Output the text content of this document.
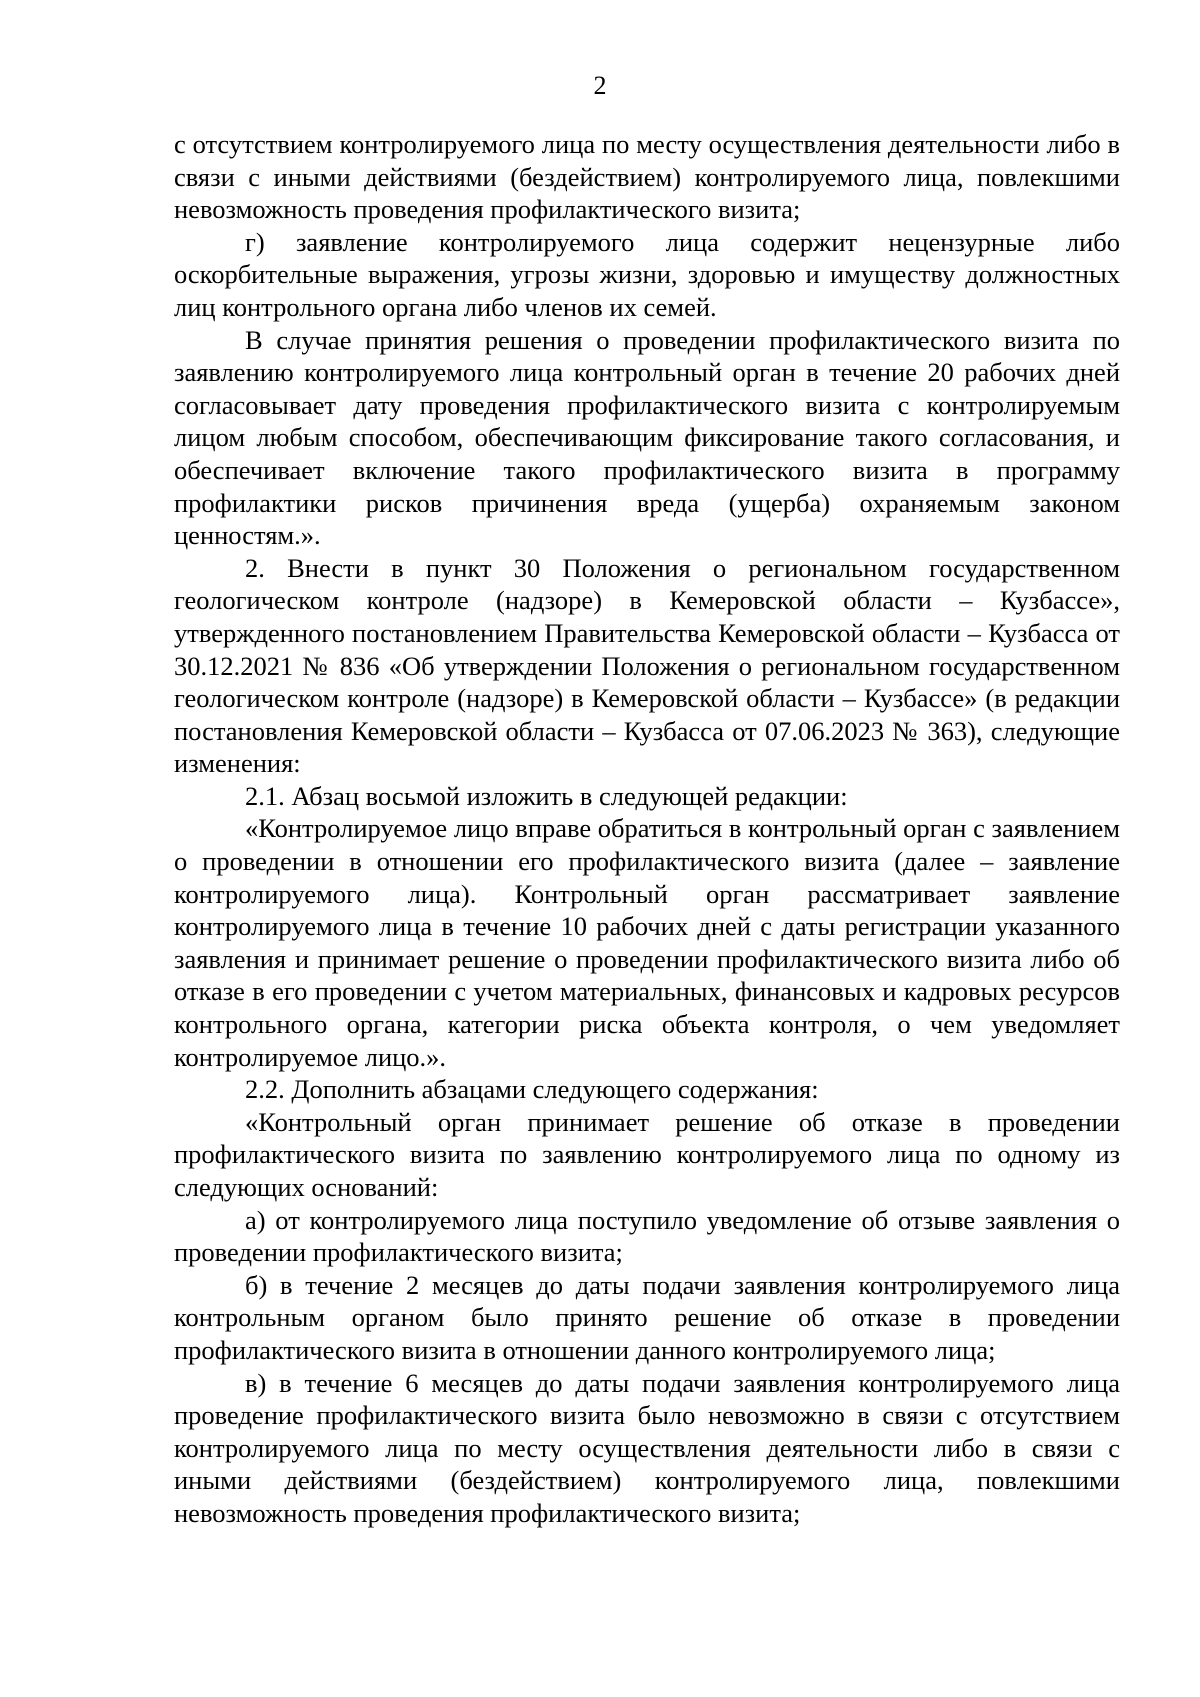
2

с отсутствием контролируемого лица по месту осуществления деятельности либо в связи с иными действиями (бездействием) контролируемого лица, повлекшими невозможность проведения профилактического визита;

г) заявление контролируемого лица содержит нецензурные либо оскорбительные выражения, угрозы жизни, здоровью и имуществу должностных лиц контрольного органа либо членов их семей.

В случае принятия решения о проведении профилактического визита по заявлению контролируемого лица контрольный орган в течение 20 рабочих дней согласовывает дату проведения профилактического визита с контролируемым лицом любым способом, обеспечивающим фиксирование такого согласования, и обеспечивает включение такого профилактического визита в программу профилактики рисков причинения вреда (ущерба) охраняемым законом ценностям.».

2. Внести в пункт 30 Положения о региональном государственном геологическом контроле (надзоре) в Кемеровской области – Кузбассе», утвержденного постановлением Правительства Кемеровской области – Кузбасса от 30.12.2021 № 836 «Об утверждении Положения о региональном государственном геологическом контроле (надзоре) в Кемеровской области – Кузбассе» (в редакции постановления Кемеровской области – Кузбасса от 07.06.2023 № 363), следующие изменения:

2.1. Абзац восьмой изложить в следующей редакции:

«Контролируемое лицо вправе обратиться в контрольный орган с заявлением о проведении в отношении его профилактического визита (далее – заявление контролируемого лица). Контрольный орган рассматривает заявление контролируемого лица в течение 10 рабочих дней с даты регистрации указанного заявления и принимает решение о проведении профилактического визита либо об отказе в его проведении с учетом материальных, финансовых и кадровых ресурсов контрольного органа, категории риска объекта контроля, о чем уведомляет контролируемое лицо.».

2.2. Дополнить абзацами следующего содержания:

«Контрольный орган принимает решение об отказе в проведении профилактического визита по заявлению контролируемого лица по одному из следующих оснований:

а) от контролируемого лица поступило уведомление об отзыве заявления о проведении профилактического визита;

б) в течение 2 месяцев до даты подачи заявления контролируемого лица контрольным органом было принято решение об отказе в проведении профилактического визита в отношении данного контролируемого лица;

в) в течение 6 месяцев до даты подачи заявления контролируемого лица проведение профилактического визита было невозможно в связи с отсутствием контролируемого лица по месту осуществления деятельности либо в связи с иными действиями (бездействием) контролируемого лица, повлекшими невозможность проведения профилактического визита;
